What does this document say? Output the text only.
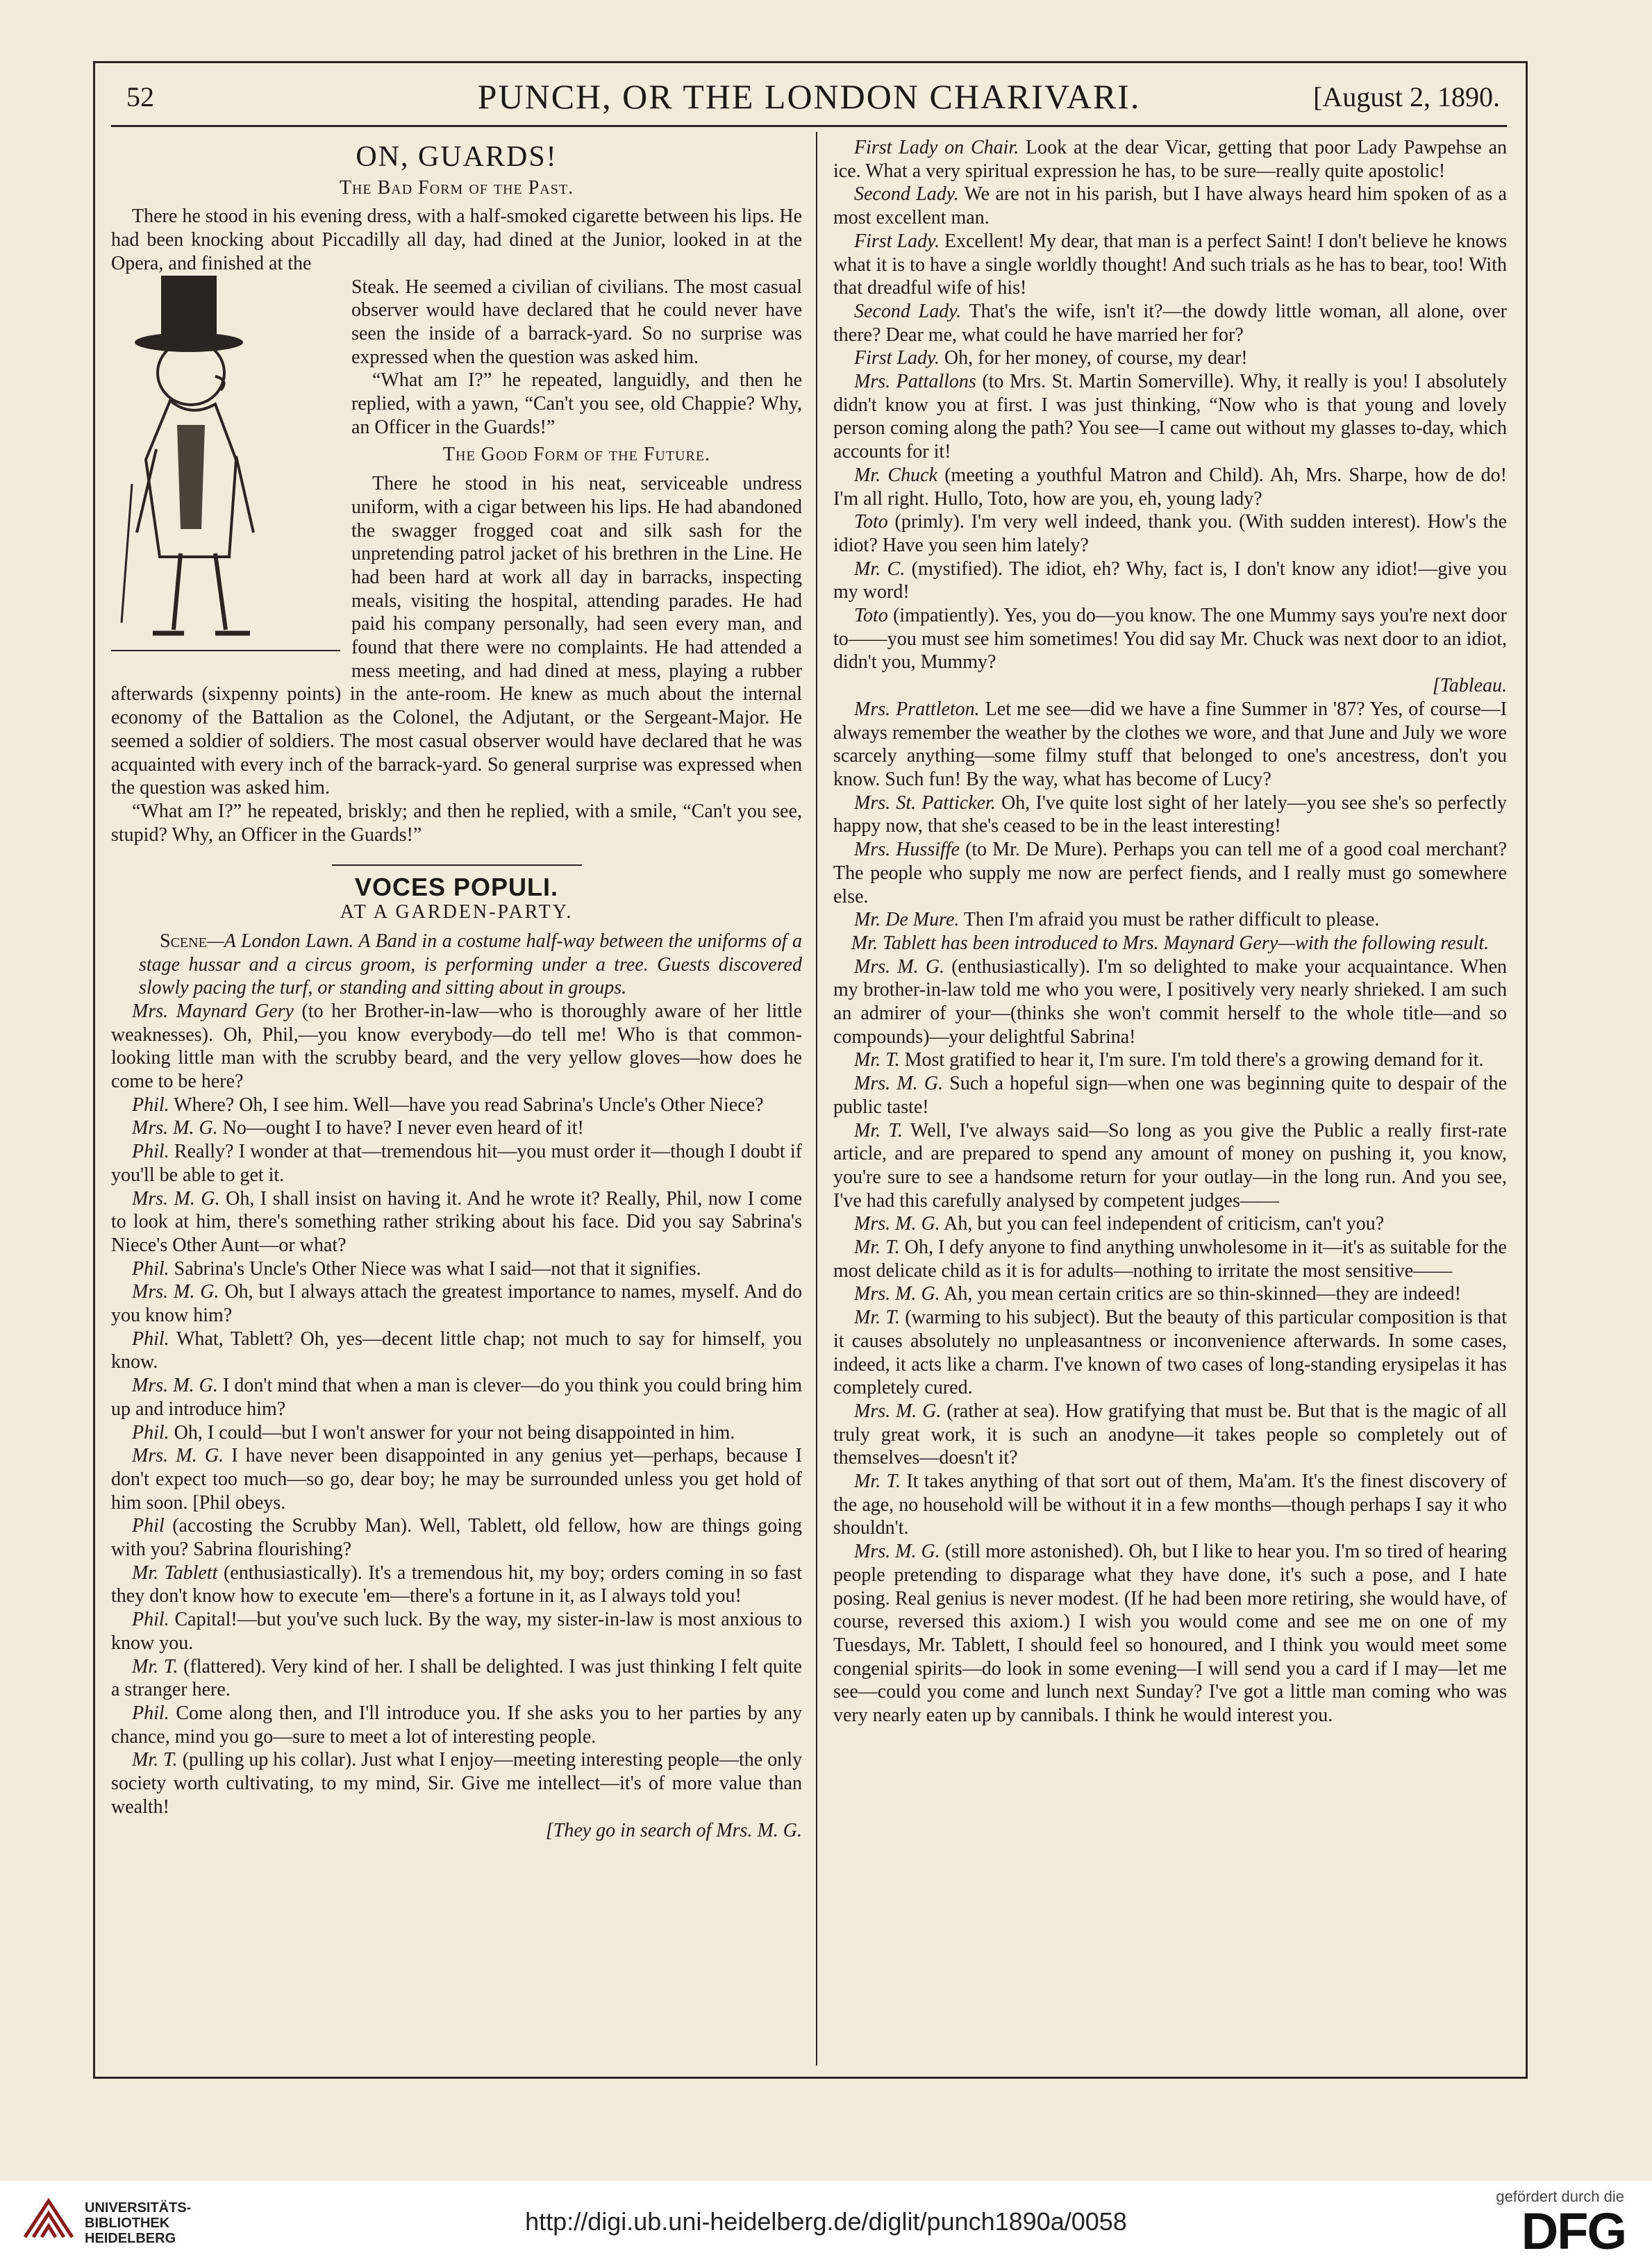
52	PUNCH, OR THE LONDON CHARIVARI.	[August 2, 1890.
ON, GUARDS!
The Bad Form of the Past.

There he stood in his evening dress, with a half-smoked cigarette between his lips. He had been knocking about Piccadilly all day, had dined at the Junior, looked in at the Opera, and finished at the

Steak. He seemed a civilian of civilians. The most casual observer would have declared that he could never have seen the inside of a barrack-yard. So no surprise was expressed when the question was asked him.

“What am I?” he repeated, languidly, and then he replied, with a yawn, “Can't you see, old Chappie? Why, an Officer in the Guards!”

The Good Form of the Future.

There he stood in his neat, serviceable undress uniform, with a cigar between his lips. He had abandoned the swagger frogged coat and silk sash for the unpretending patrol jacket of his brethren in the Line. He had been hard at work all day in barracks, inspecting meals, visiting the hospital, attending parades. He had paid his company personally, had seen every man, and found that there were no complaints. He had attended a mess meeting, and had dined at mess, playing a rubber afterwards (sixpenny points) in the ante-room. He knew as much about the internal economy of the Battalion as the Colonel, the Adjutant, or the Sergeant-Major. He seemed a soldier of soldiers. The most casual observer would have declared that he was acquainted with every inch of the barrack-yard. So general surprise was expressed when the question was asked him.

“What am I?” he repeated, briskly; and then he replied, with a smile, “Can't you see, stupid? Why, an Officer in the Guards!”

VOCES POPULI.
AT A GARDEN-PARTY.

Scene—A London Lawn. A Band in a costume half-way between the uniforms of a stage hussar and a circus groom, is performing under a tree. Guests discovered slowly pacing the turf, or standing and sitting about in groups.

Mrs. Maynard Gery (to her Brother-in-law—who is thoroughly aware of her little weaknesses). Oh, Phil,—you know everybody—do tell me! Who is that common-looking little man with the scrubby beard, and the very yellow gloves—how does he come to be here?

Phil. Where? Oh, I see him. Well—have you read Sabrina's Uncle's Other Niece?

Mrs. M. G. No—ought I to have? I never even heard of it!

Phil. Really? I wonder at that—tremendous hit—you must order it—though I doubt if you'll be able to get it.

Mrs. M. G. Oh, I shall insist on having it. And he wrote it? Really, Phil, now I come to look at him, there's something rather striking about his face. Did you say Sabrina's Niece's Other Aunt—or what?

Phil. Sabrina's Uncle's Other Niece was what I said—not that it signifies.

Mrs. M. G. Oh, but I always attach the greatest importance to names, myself. And do you know him?

Phil. What, Tablett? Oh, yes—decent little chap; not much to say for himself, you know.

Mrs. M. G. I don't mind that when a man is clever—do you think you could bring him up and introduce him?

Phil. Oh, I could—but I won't answer for your not being disappointed in him.

Mrs. M. G. I have never been disappointed in any genius yet—perhaps, because I don't expect too much—so go, dear boy; he may be surrounded unless you get hold of him soon. [Phil obeys.

Phil (accosting the Scrubby Man). Well, Tablett, old fellow, how are things going with you? Sabrina flourishing?

Mr. Tablett (enthusiastically). It's a tremendous hit, my boy; orders coming in so fast they don't know how to execute 'em—there's a fortune in it, as I always told you!

Phil. Capital!—but you've such luck. By the way, my sister-in-law is most anxious to know you.

Mr. T. (flattered). Very kind of her. I shall be delighted. I was just thinking I felt quite a stranger here.

Phil. Come along then, and I'll introduce you. If she asks you to her parties by any chance, mind you go—sure to meet a lot of interesting people.

Mr. T. (pulling up his collar). Just what I enjoy—meeting interesting people—the only society worth cultivating, to my mind, Sir. Give me intellect—it's of more value than wealth!

[They go in search of Mrs. M. G.

First Lady on Chair. Look at the dear Vicar, getting that poor Lady Pawpehse an ice. What a very spiritual expression he has, to be sure—really quite apostolic!

Second Lady. We are not in his parish, but I have always heard him spoken of as a most excellent man.

First Lady. Excellent! My dear, that man is a perfect Saint! I don't believe he knows what it is to have a single worldly thought! And such trials as he has to bear, too! With that dreadful wife of his!

Second Lady. That's the wife, isn't it?—the dowdy little woman, all alone, over there? Dear me, what could he have married her for?

First Lady. Oh, for her money, of course, my dear!

Mrs. Pattallons (to Mrs. St. Martin Somerville). Why, it really is you! I absolutely didn't know you at first. I was just thinking, “Now who is that young and lovely person coming along the path? You see—I came out without my glasses to-day, which accounts for it!

Mr. Chuck (meeting a youthful Matron and Child). Ah, Mrs. Sharpe, how de do! I'm all right. Hullo, Toto, how are you, eh, young lady?

Toto (primly). I'm very well indeed, thank you. (With sudden interest). How's the idiot? Have you seen him lately?

Mr. C. (mystified). The idiot, eh? Why, fact is, I don't know any idiot!—give you my word!

Toto (impatiently). Yes, you do—you know. The one Mummy says you're next door to——you must see him sometimes! You did say Mr. Chuck was next door to an idiot, didn't you, Mummy?

[Tableau.

Mrs. Prattleton. Let me see—did we have a fine Summer in '87? Yes, of course—I always remember the weather by the clothes we wore, and that June and July we wore scarcely anything—some filmy stuff that belonged to one's ancestress, don't you know. Such fun! By the way, what has become of Lucy?

Mrs. St. Patticker. Oh, I've quite lost sight of her lately—you see she's so perfectly happy now, that she's ceased to be in the least interesting!

Mrs. Hussiffe (to Mr. De Mure). Perhaps you can tell me of a good coal merchant? The people who supply me now are perfect fiends, and I really must go somewhere else.

Mr. De Mure. Then I'm afraid you must be rather difficult to please.

Mr. Tablett has been introduced to Mrs. Maynard Gery—with the following result.

Mrs. M. G. (enthusiastically). I'm so delighted to make your acquaintance. When my brother-in-law told me who you were, I positively very nearly shrieked. I am such an admirer of your—(thinks she won't commit herself to the whole title—and so compounds)—your delightful Sabrina!

Mr. T. Most gratified to hear it, I'm sure. I'm told there's a growing demand for it.

Mrs. M. G. Such a hopeful sign—when one was beginning quite to despair of the public taste!

Mr. T. Well, I've always said—So long as you give the Public a really first-rate article, and are prepared to spend any amount of money on pushing it, you know, you're sure to see a handsome return for your outlay—in the long run. And you see, I've had this carefully analysed by competent judges——

Mrs. M. G. Ah, but you can feel independent of criticism, can't you?

Mr. T. Oh, I defy anyone to find anything unwholesome in it—it's as suitable for the most delicate child as it is for adults—nothing to irritate the most sensitive——

Mrs. M. G. Ah, you mean certain critics are so thin-skinned—they are indeed!

Mr. T. (warming to his subject). But the beauty of this particular composition is that it causes absolutely no unpleasantness or inconvenience afterwards. In some cases, indeed, it acts like a charm. I've known of two cases of long-standing erysipelas it has completely cured.

Mrs. M. G. (rather at sea). How gratifying that must be. But that is the magic of all truly great work, it is such an anodyne—it takes people so completely out of themselves—doesn't it?

Mr. T. It takes anything of that sort out of them, Ma'am. It's the finest discovery of the age, no household will be without it in a few months—though perhaps I say it who shouldn't.

Mrs. M. G. (still more astonished). Oh, but I like to hear you. I'm so tired of hearing people pretending to disparage what they have done, it's such a pose, and I hate posing. Real genius is never modest. (If he had been more retiring, she would have, of course, reversed this axiom.) I wish you would come and see me on one of my Tuesdays, Mr. Tablett, I should feel so honoured, and I think you would meet some congenial spirits—do look in some evening—I will send you a card if I may—let me see—could you come and lunch next Sunday? I've got a little man coming who was very nearly eaten up by cannibals. I think he would interest you.

UNIVERSITÄTS-
BIBLIOTHEK
HEIDELBERG
http://digi.ub.uni-heidelberg.de/diglit/punch1890a/0058
gefördert durch die
DFG
